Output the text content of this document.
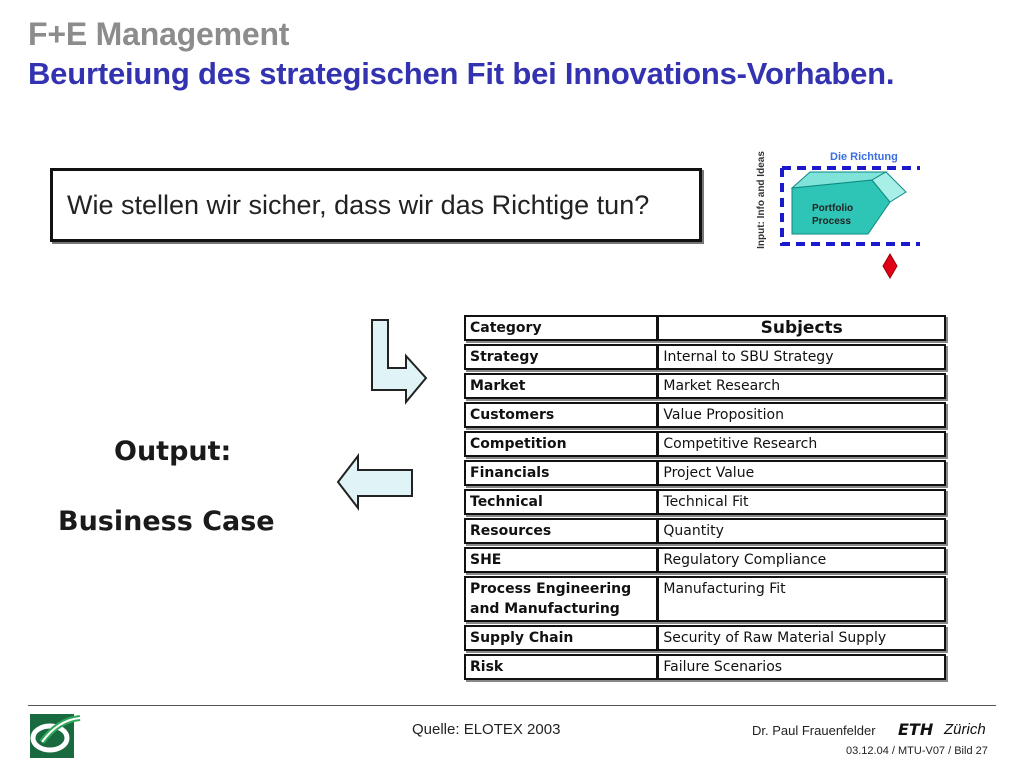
F+E Management
Beurteiung des strategischen Fit bei Innovations-Vorhaben.
Wie stellen wir sicher, dass wir das Richtige tun?	Input: Info and Ideas	Die Richtung
Portfolio
Process
Output:
Business Case
Category	Subjects
Strategy	Internal to SBU Strategy
Market	Market Research
Customers	Value Proposition
Competition	Competitive Research
Financials	Project Value
Technical	Technical Fit
Resources	Quantity
SHE	Regulatory Compliance
Process Engineering and Manufacturing	Manufacturing Fit
Supply Chain	Security of Raw Material Supply
Risk	Failure Scenarios
Quelle: ELOTEX 2003	Dr. Paul Frauenfelder ETH Zürich
03.12.04 / MTU-V07 / Bild 27
